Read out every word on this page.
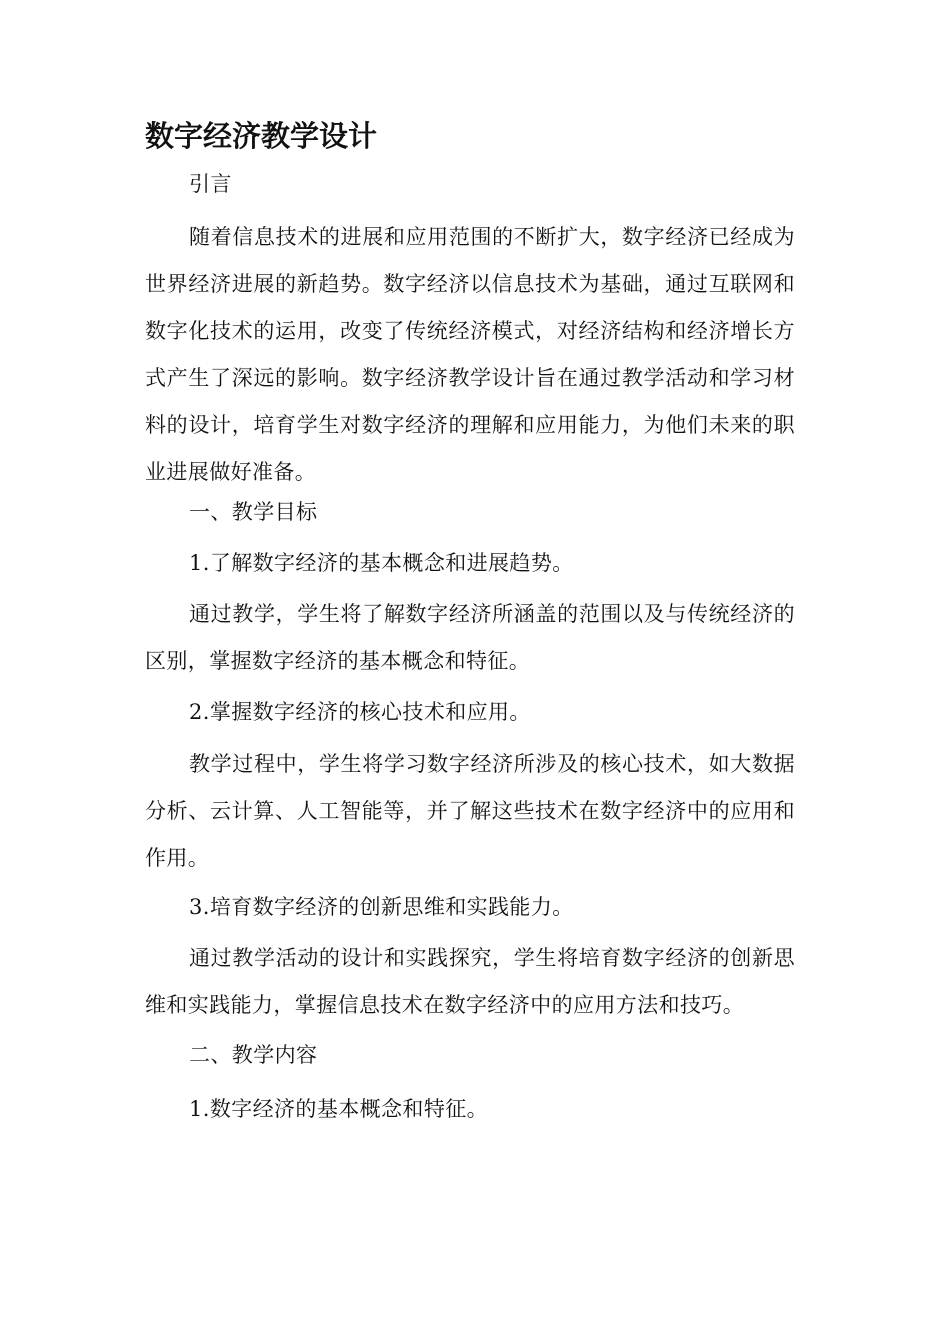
数字经济教学设计

引言

随着信息技术的进展和应用范围的不断扩大，数字经济已经成为世界经济进展的新趋势。数字经济以信息技术为基础，通过互联网和数字化技术的运用，改变了传统经济模式，对经济结构和经济增长方式产生了深远的影响。数字经济教学设计旨在通过教学活动和学习材料的设计，培育学生对数字经济的理解和应用能力，为他们未来的职业进展做好准备。

一、教学目标

1.了解数字经济的基本概念和进展趋势。

通过教学，学生将了解数字经济所涵盖的范围以及与传统经济的区别，掌握数字经济的基本概念和特征。

2.掌握数字经济的核心技术和应用。

教学过程中，学生将学习数字经济所涉及的核心技术，如大数据分析、云计算、人工智能等，并了解这些技术在数字经济中的应用和作用。

3.培育数字经济的创新思维和实践能力。

通过教学活动的设计和实践探究，学生将培育数字经济的创新思维和实践能力，掌握信息技术在数字经济中的应用方法和技巧。

二、教学内容

1.数字经济的基本概念和特征。
